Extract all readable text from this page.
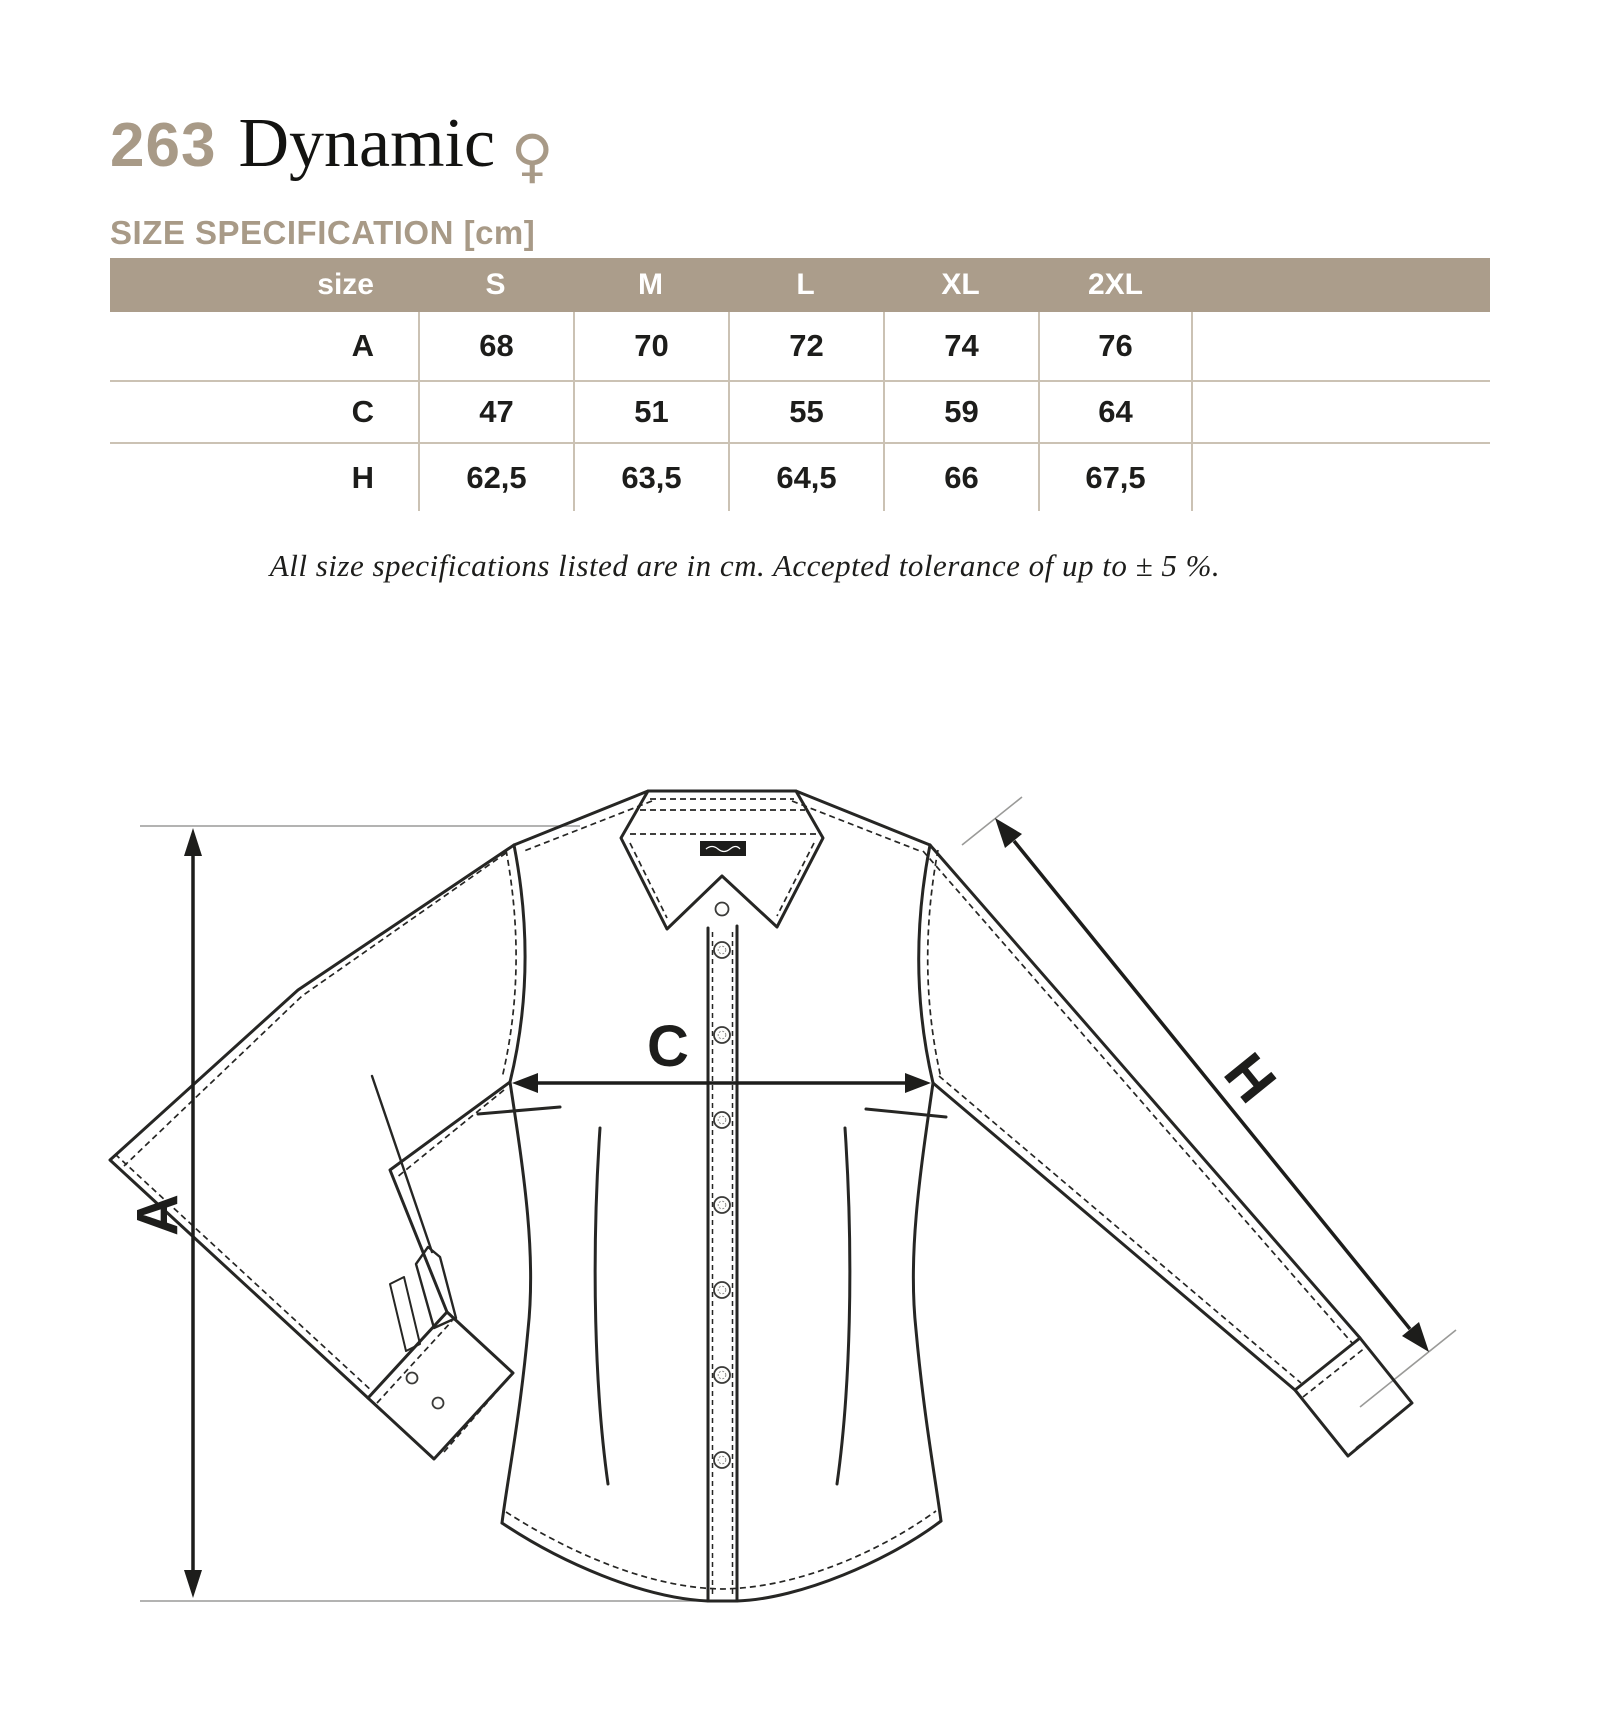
263 Dynamic ♀
SIZE SPECIFICATION [cm]
size	S	M	L	XL	2XL
A	68	70	72	74	76
C	47	51	55	59	64
H	62,5	63,5	64,5	66	67,5
All size specifications listed are in cm. Accepted tolerance of up to ± 5 %.
A
C	H
